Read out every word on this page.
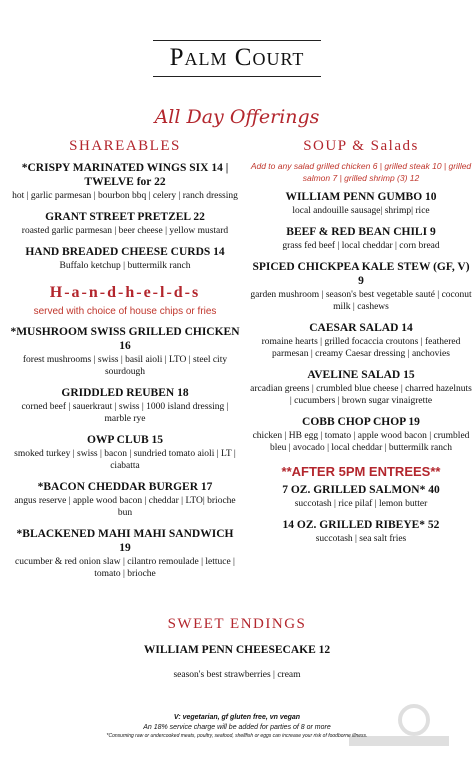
Palm Court
All Day Offerings
SHAREABLES
*CRISPY MARINATED WINGS SIX 14 | TWELVE for 22
hot | garlic parmesan | bourbon bbq | celery | ranch dressing
GRANT STREET PRETZEL 22
roasted garlic parmesan | beer cheese | yellow mustard
HAND BREADED CHEESE CURDS 14
Buffalo ketchup | buttermilk ranch
H-a-n-d-h-e-l-d-s
served with choice of house chips or fries
*MUSHROOM SWISS GRILLED CHICKEN 16
forest mushrooms | swiss | basil aioli | LTO | steel city sourdough
GRIDDLED REUBEN 18
corned beef | sauerkraut | swiss | 1000 island dressing | marble rye
OWP CLUB 15
smoked turkey | swiss | bacon | sundried tomato aioli | LT | ciabatta
*BACON CHEDDAR BURGER 17
angus reserve | apple wood bacon | cheddar | LTO| brioche bun
*BLACKENED MAHI MAHI SANDWICH 19
cucumber & red onion slaw | cilantro remoulade | lettuce | tomato | brioche
SOUP & Salads
Add to any salad grilled chicken 6 | grilled steak 10 | grilled salmon 7 | grilled shrimp (3) 12
WILLIAM PENN GUMBO 10
local andouille sausage| shrimp| rice
BEEF & RED BEAN CHILI 9
grass fed beef | local cheddar | corn bread
SPICED CHICKPEA KALE STEW (GF, V) 9
garden mushroom | season's best vegetable sauté | coconut milk | cashews
CAESAR SALAD 14
romaine hearts | grilled focaccia croutons | feathered parmesan | creamy Caesar dressing | anchovies
AVELINE SALAD 15
arcadian greens | crumbled blue cheese | charred hazelnuts | cucumbers | brown sugar vinaigrette
COBB CHOP CHOP 19
chicken | HB egg | tomato | apple wood bacon | crumbled bleu | avocado | local cheddar | buttermilk ranch
**AFTER 5PM ENTREES**
7 OZ. GRILLED SALMON* 40
succotash | rice pilaf | lemon butter
14 OZ. GRILLED RIBEYE* 52
succotash | sea salt fries
SWEET ENDINGS
WILLIAM PENN CHEESECAKE 12
season's best strawberries | cream
V: vegetarian, gf gluten free, vn vegan
An 18% service charge will be added for parties of 8 or more
*Consuming raw or undercooked meats, poultry, seafood, shellfish or eggs can increase your risk of foodborne illness.
